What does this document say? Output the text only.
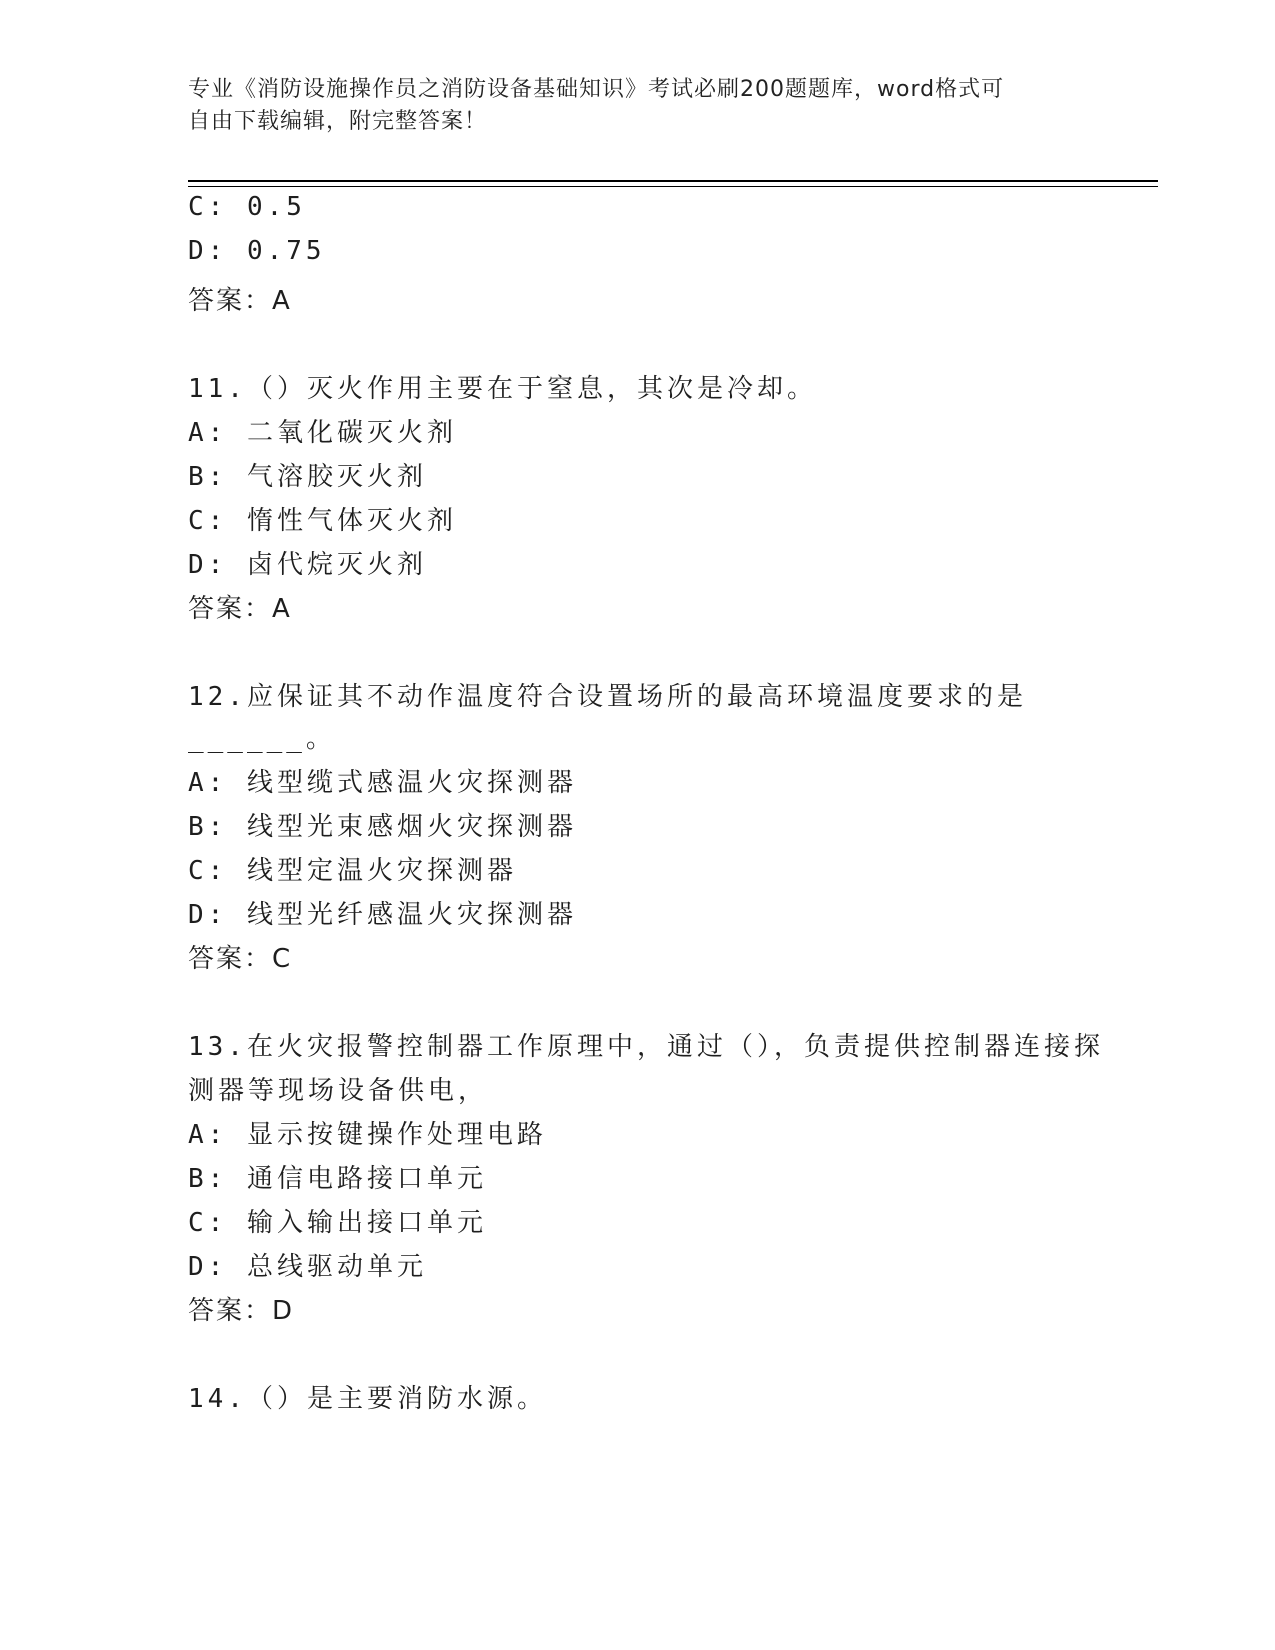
专业《消防设施操作员之消防设备基础知识》考试必刷200题题库，word格式可
自由下载编辑，附完整答案！
C: 0.5
D: 0.75
答案：A
11.（）灭火作用主要在于窒息，其次是冷却。
A: 二氧化碳灭火剂
B: 气溶胶灭火剂
C: 惰性气体灭火剂
D: 卤代烷灭火剂
答案：A
12.应保证其不动作温度符合设置场所的最高环境温度要求的是
______。
A: 线型缆式感温火灾探测器
B: 线型光束感烟火灾探测器
C: 线型定温火灾探测器
D: 线型光纤感温火灾探测器
答案：C
13.在火灾报警控制器工作原理中，通过（），负责提供控制器连接探
测器等现场设备供电，
A: 显示按键操作处理电路
B: 通信电路接口单元
C: 输入输出接口单元
D: 总线驱动单元
答案：D
14.（）是主要消防水源。
